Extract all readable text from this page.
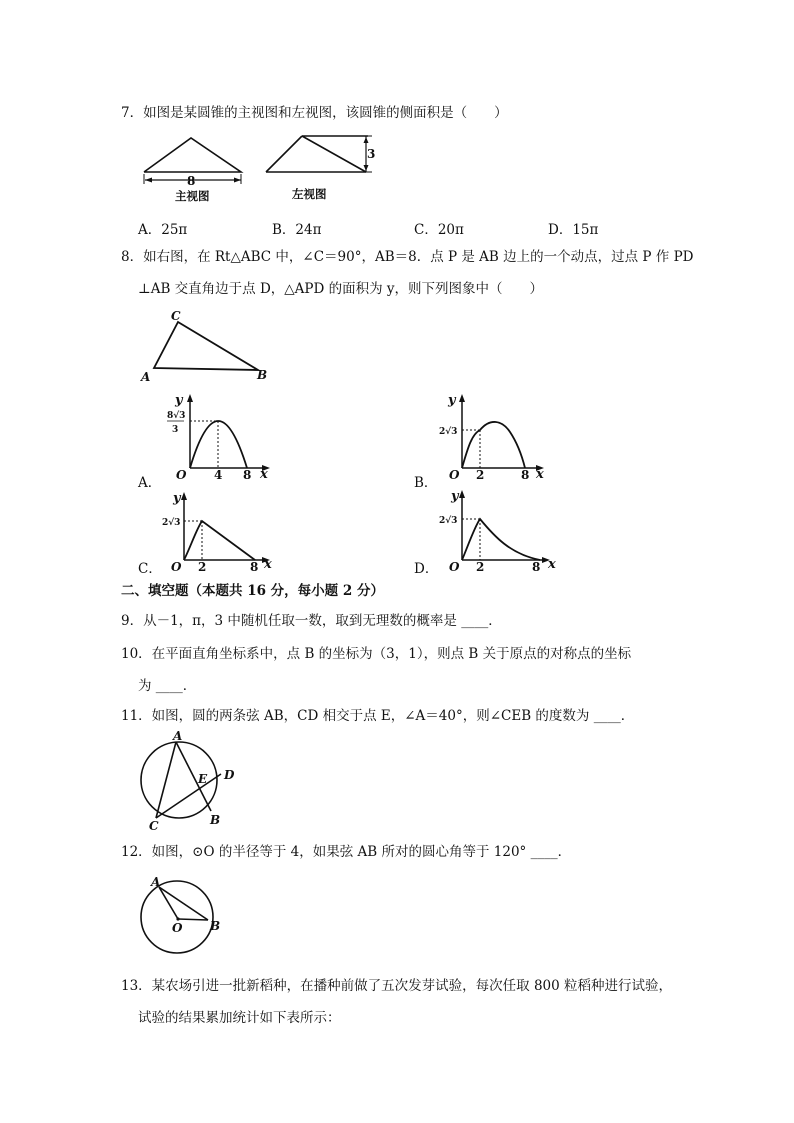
7．如图是某圆锥的主视图和左视图，该圆锥的侧面积是（　　）
8
主视图
3
左视图
A．25π	B．24π	C．20π	D．15π
8．如右图，在 Rt△ABC 中，∠C＝90°，AB＝8．点 P 是 AB 边上的一个动点，过点 P 作 PD
⊥AB 交直角边于点 D，△APD 的面积为 y，则下列图象中（　　）
C
A	B
A．
y
8√3
3
O 4 8 x
B．
y
2√3
O 2	8 x
C．
y
2√3
O 2	8 x	D．
y
2√3
O 2	8 x
二、填空题（本题共 16 分，每小题 2 分）
9．从－1，π，3 中随机任取一数，取到无理数的概率是 ____．
10．在平面直角坐标系中，点 B 的坐标为（3，1），则点 B 关于原点的对称点的坐标
为 ____．
11．如图，圆的两条弦 AB，CD 相交于点 E，∠A＝40°，则∠CEB 的度数为 ____．
A
E D
C	B
12．如图，⊙O 的半径等于 4，如果弦 AB 所对的圆心角等于 120° ____．
A
O B
13．某农场引进一批新稻种，在播种前做了五次发芽试验，每次任取 800 粒稻种进行试验，
试验的结果累加统计如下表所示：
